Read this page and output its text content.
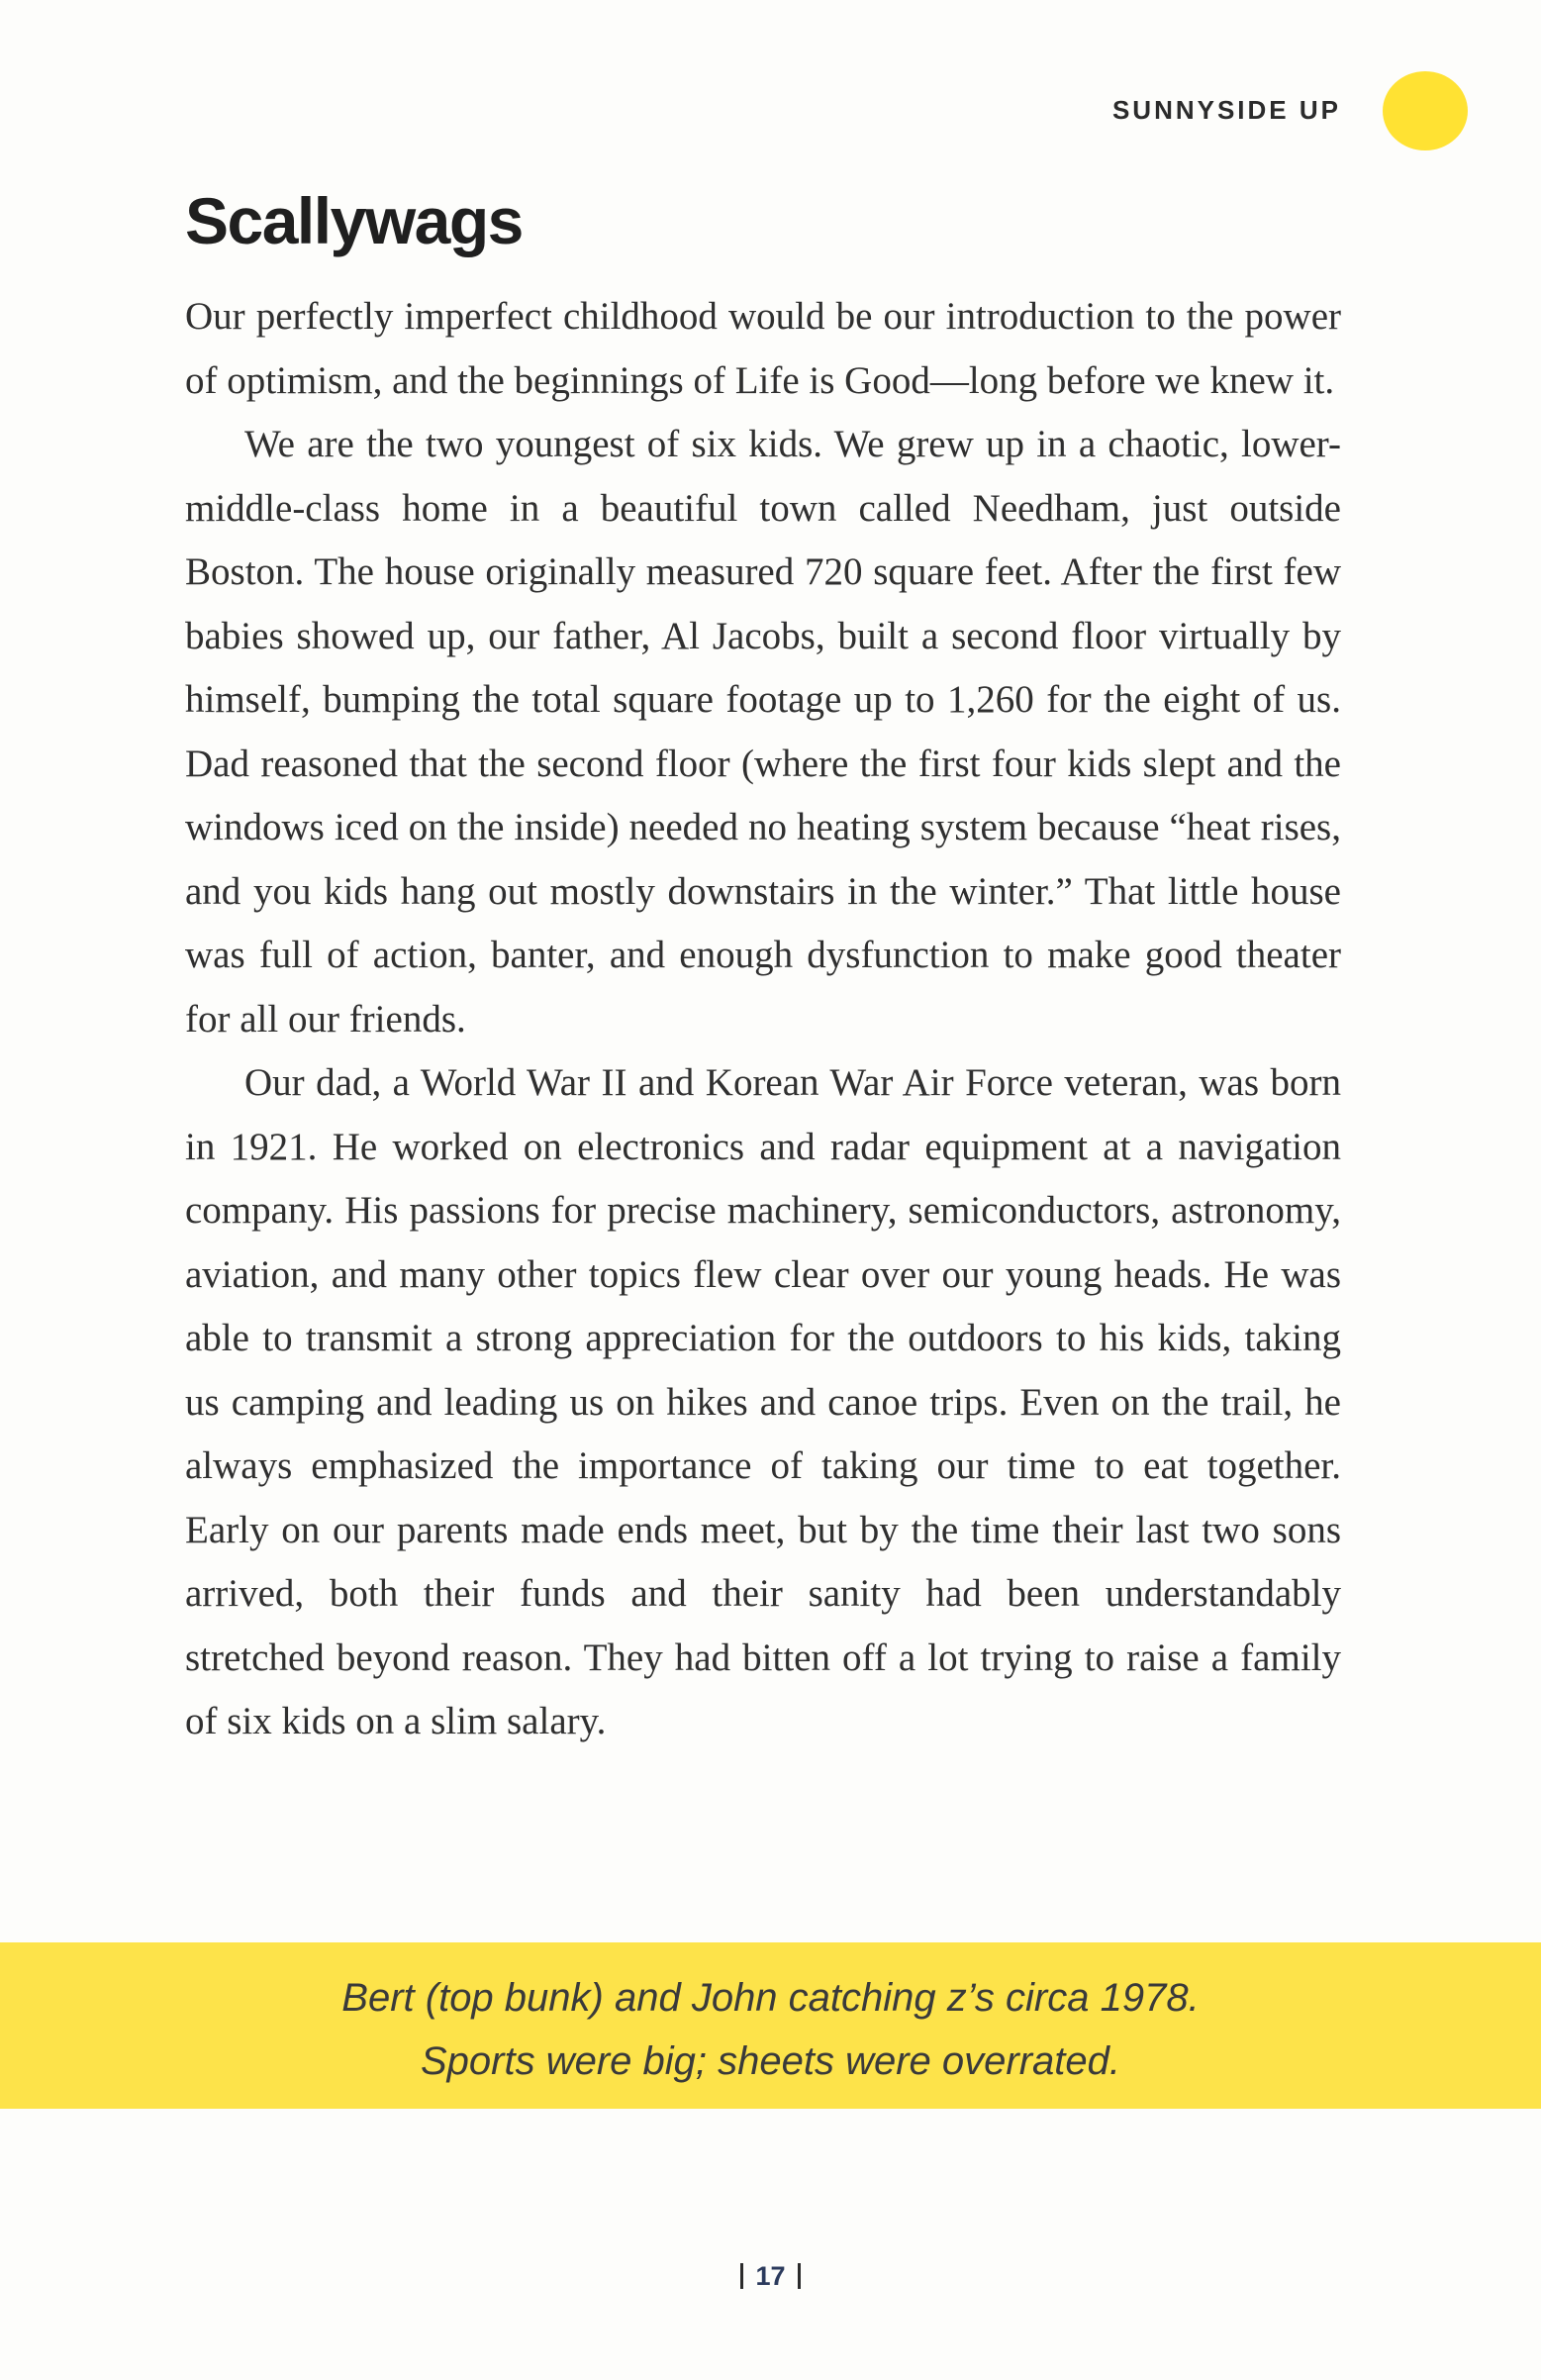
SUNNYSIDE UP
Scallywags

Our perfectly imperfect childhood would be our introduction to the power of optimism, and the beginnings of Life is Good—long before we knew it.

We are the two youngest of six kids. We grew up in a chaotic, lower-middle-class home in a beautiful town called Needham, just outside Boston. The house originally measured 720 square feet. After the first few babies showed up, our father, Al Jacobs, built a second floor virtually by himself, bumping the total square footage up to 1,260 for the eight of us. Dad reasoned that the second floor (where the first four kids slept and the windows iced on the inside) needed no heating system because “heat rises, and you kids hang out mostly downstairs in the winter.” That little house was full of action, banter, and enough dysfunction to make good theater for all our friends.

Our dad, a World War II and Korean War Air Force veteran, was born in 1921. He worked on electronics and radar equipment at a navigation company. His passions for precise machinery, semiconductors, astronomy, aviation, and many other topics flew clear over our young heads. He was able to transmit a strong appreciation for the outdoors to his kids, taking us camping and leading us on hikes and canoe trips. Even on the trail, he always emphasized the importance of taking our time to eat together. Early on our parents made ends meet, but by the time their last two sons arrived, both their funds and their sanity had been understandably stretched beyond reason. They had bitten off a lot trying to raise a family of six kids on a slim salary.

Bert (top bunk) and John catching z’s circa 1978.
Sports were big; sheets were overrated.

17
